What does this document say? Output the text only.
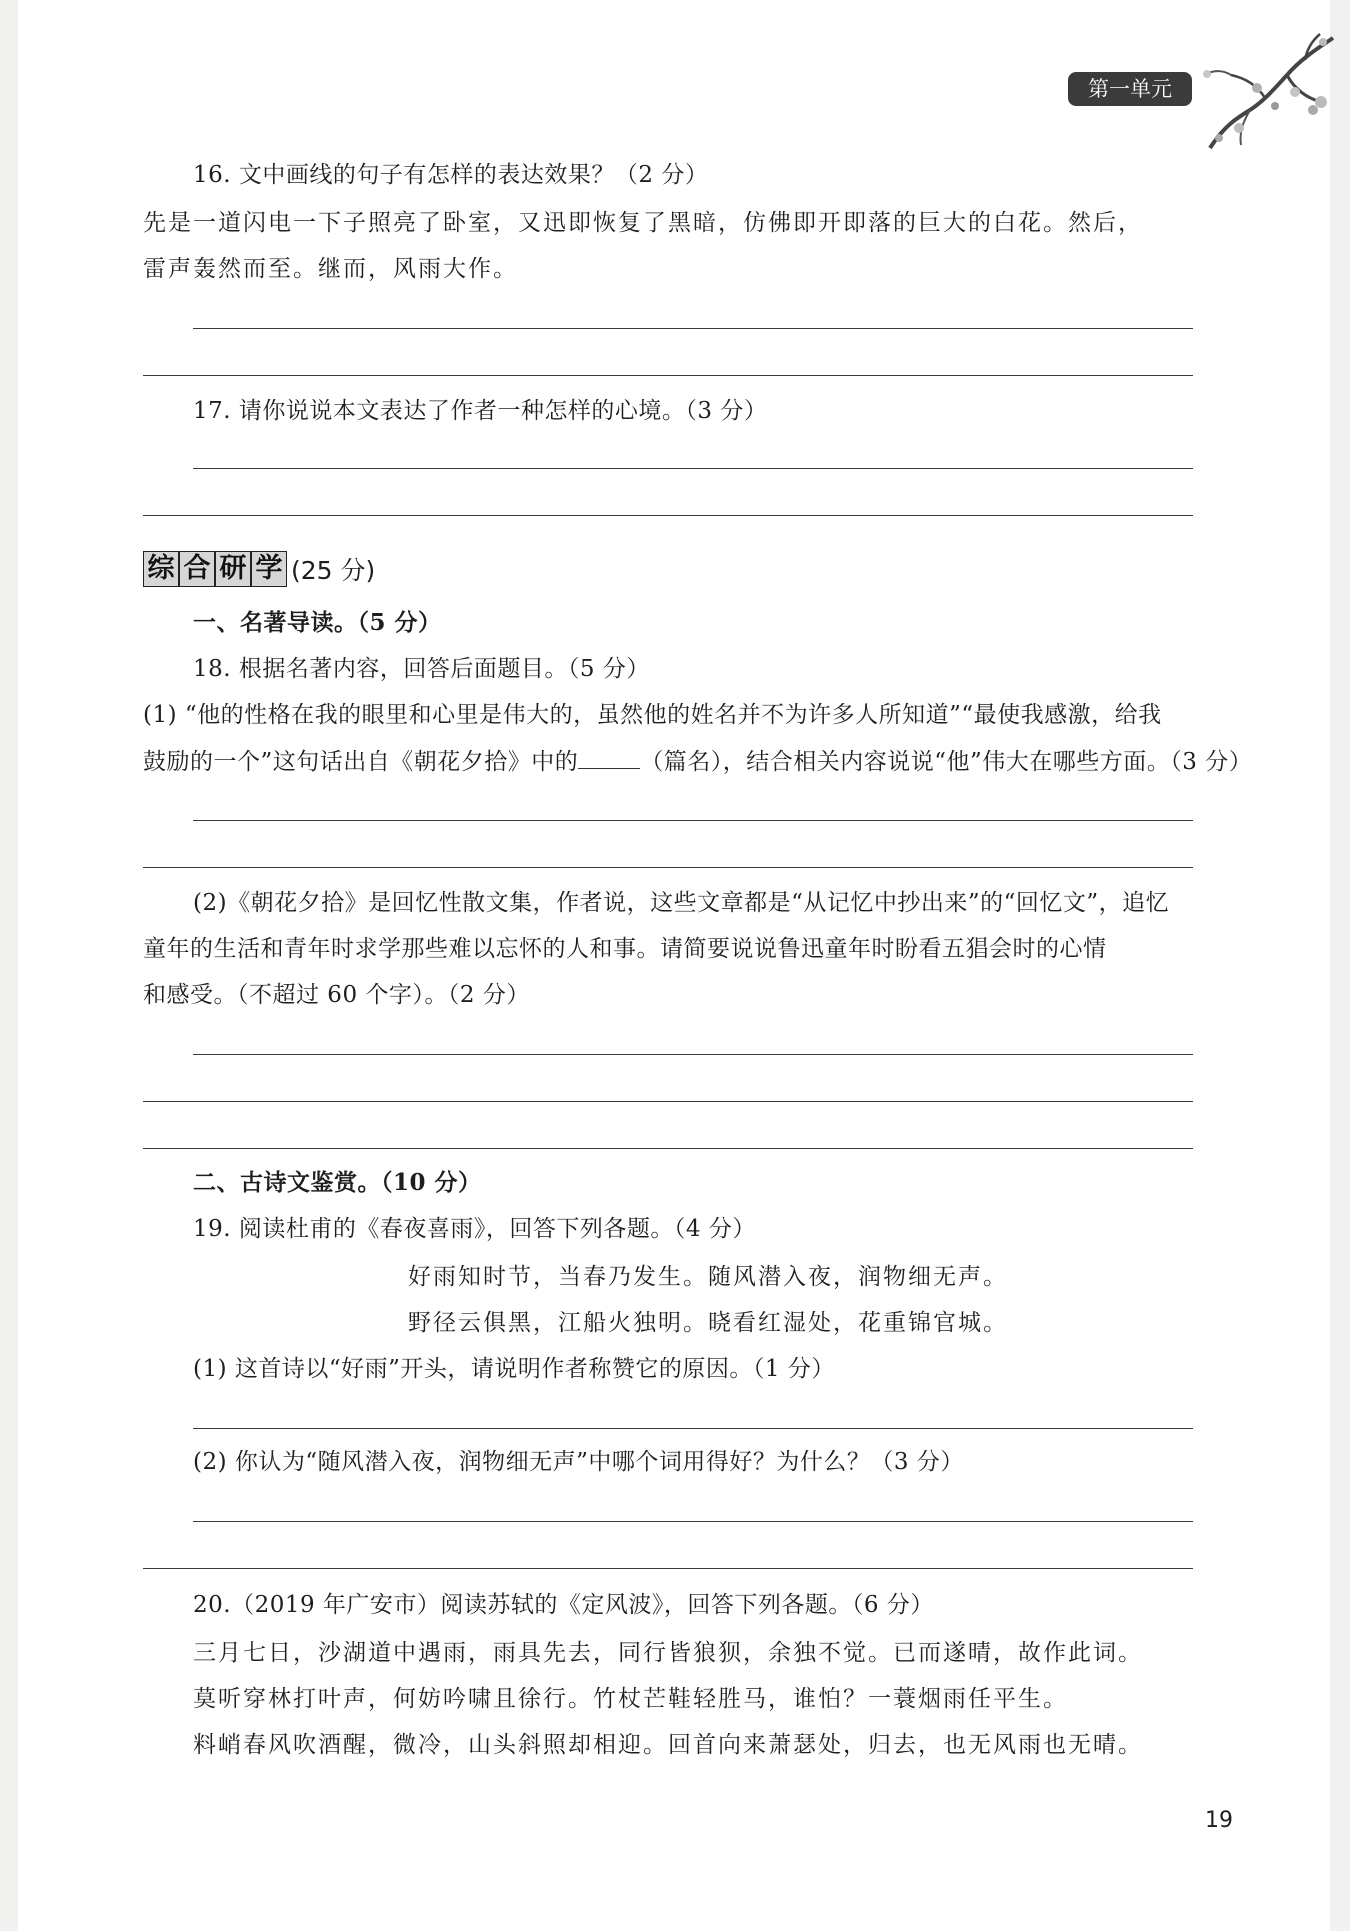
第一单元
16. 文中画线的句子有怎样的表达效果？（2 分）
先是一道闪电一下子照亮了卧室，又迅即恢复了黑暗，仿佛即开即落的巨大的白花。然后，
雷声轰然而至。继而，风雨大作。
17. 请你说说本文表达了作者一种怎样的心境。（3 分）
综 合 研 学 (25 分)
一、名著导读。（5 分）
18. 根据名著内容，回答后面题目。（5 分）
(1) “他的性格在我的眼里和心里是伟大的，虽然他的姓名并不为许多人所知道”“最使我感激，给我
鼓励的一个”这句话出自《朝花夕拾》中的	（篇名），结合相关内容说说“他”伟大在哪些方面。（3 分）
(2)《朝花夕拾》是回忆性散文集，作者说，这些文章都是“从记忆中抄出来”的“回忆文”，追忆
童年的生活和青年时求学那些难以忘怀的人和事。请简要说说鲁迅童年时盼看五猖会时的心情
和感受。（不超过 60 个字）。（2 分）
二、古诗文鉴赏。（10 分）
19. 阅读杜甫的《春夜喜雨》，回答下列各题。（4 分）
好雨知时节，当春乃发生。随风潜入夜，润物细无声。
野径云俱黑，江船火独明。晓看红湿处，花重锦官城。
(1) 这首诗以“好雨”开头，请说明作者称赞它的原因。（1 分）
(2) 你认为“随风潜入夜，润物细无声”中哪个词用得好？为什么？（3 分）
20.（2019 年广安市）阅读苏轼的《定风波》，回答下列各题。（6 分）
三月七日，沙湖道中遇雨，雨具先去，同行皆狼狈，余独不觉。已而遂晴，故作此词。
莫听穿林打叶声，何妨吟啸且徐行。竹杖芒鞋轻胜马，谁怕？一蓑烟雨任平生。
料峭春风吹酒醒，微冷，山头斜照却相迎。回首向来萧瑟处，归去，也无风雨也无晴。
19
